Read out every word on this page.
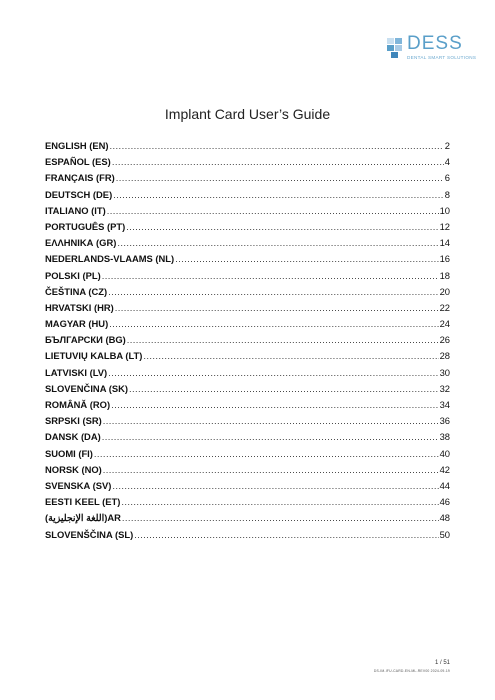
DESS
DENTAL SMART SOLUTIONS
Implant Card User’s Guide
ENGLISH (EN) .....	2
ESPAÑOL (ES) .....	4
FRANÇAIS (FR) .....	6
DEUTSCH (DE) .....	8
ITALIANO (IT) .....	10
PORTUGUÊS (PT) .....	12
ΕΛΛΗΝΙΚΑ (GR) .....	14
NEDERLANDS-VLAAMS (NL) .....	16
POLSKI (PL) .....	18
ČEŠTINA (CZ) .....	20
HRVATSKI (HR) .....	22
MAGYAR (HU) .....	24
БЪЛГАРСКИ (BG) .....	26
LIETUVIŲ KALBA (LT) .....	28
LATVISKI (LV) .....	30
SLOVENČINA (SK) .....	32
ROMÂNĂ (RO) .....	34
SRPSKI (SR) .....	36
DANSK (DA) .....	38
SUOMI (FI) .....	40
NORSK (NO) .....	42
SVENSKA (SV) .....	44
EESTI KEEL (ET) .....	46
(اللغة الإنجليزية)AR .....	48
SLOVENŠČINA (SL) .....	50
1 / 51
DS-IM-IFU-CARD-EN-ML-REV00 2024-09-19
